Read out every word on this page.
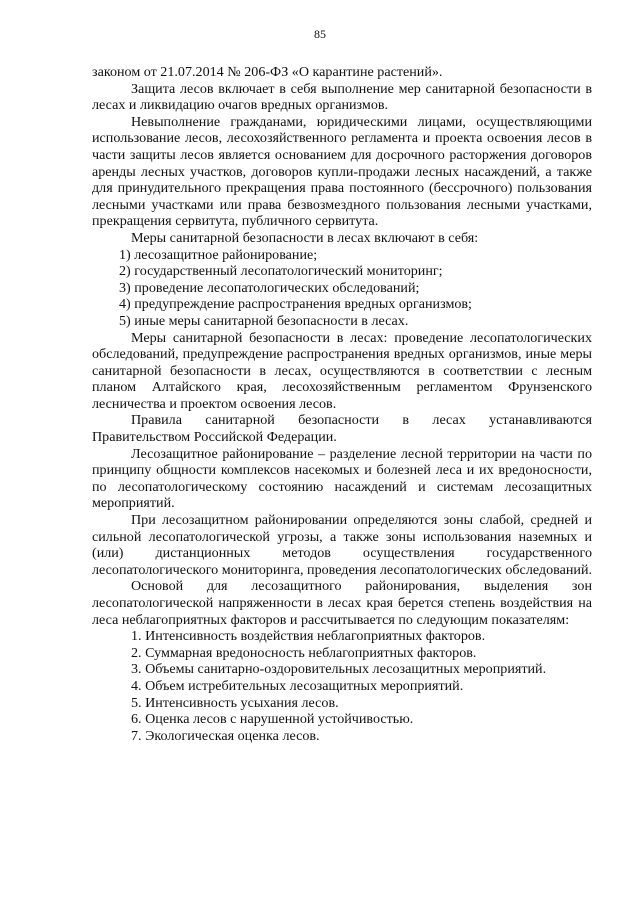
85

законом от 21.07.2014 № 206-ФЗ «О карантине растений».

Защита лесов включает в себя выполнение мер санитарной безопасности в лесах и ликвидацию очагов вредных организмов.

Невыполнение гражданами, юридическими лицами, осуществляющими использование лесов, лесохозяйственного регламента и проекта освоения лесов в части защиты лесов является основанием для досрочного расторжения договоров аренды лесных участков, договоров купли-продажи лесных насаждений, а также для принудительного прекращения права постоянного (бессрочного) пользования лесными участками или права безвозмездного пользования лесными участками, прекращения сервитута, публичного сервитута.

Меры санитарной безопасности в лесах включают в себя:

1) лесозащитное районирование;

2) государственный лесопатологический мониторинг;

3) проведение лесопатологических обследований;

4) предупреждение распространения вредных организмов;

5) иные меры санитарной безопасности в лесах.

Меры санитарной безопасности в лесах: проведение лесопатологических обследований, предупреждение распространения вредных организмов, иные меры санитарной безопасности в лесах, осуществляются в соответствии с лесным планом Алтайского края, лесохозяйственным регламентом Фрунзенского лесничества и проектом освоения лесов.

Правила санитарной безопасности в лесах устанавливаются Правительством Российской Федерации.

Лесозащитное районирование – разделение лесной территории на части по принципу общности комплексов насекомых и болезней леса и их вредоносности, по лесопатологическому состоянию насаждений и системам лесозащитных мероприятий.

При лесозащитном районировании определяются зоны слабой, средней и сильной лесопатологической угрозы, а также зоны использования наземных и (или) дистанционных методов осуществления государственного лесопатологического мониторинга, проведения лесопатологических обследований.

Основой для лесозащитного районирования, выделения зон лесопатологической напряженности в лесах края берется степень воздействия на леса неблагоприятных факторов и рассчитывается по следующим показателям:

1. Интенсивность воздействия неблагоприятных факторов.

2. Суммарная вредоносность неблагоприятных факторов.

3. Объемы санитарно-оздоровительных лесозащитных мероприятий.

4. Объем истребительных лесозащитных мероприятий.

5. Интенсивность усыхания лесов.

6. Оценка лесов с нарушенной устойчивостью.

7. Экологическая оценка лесов.
